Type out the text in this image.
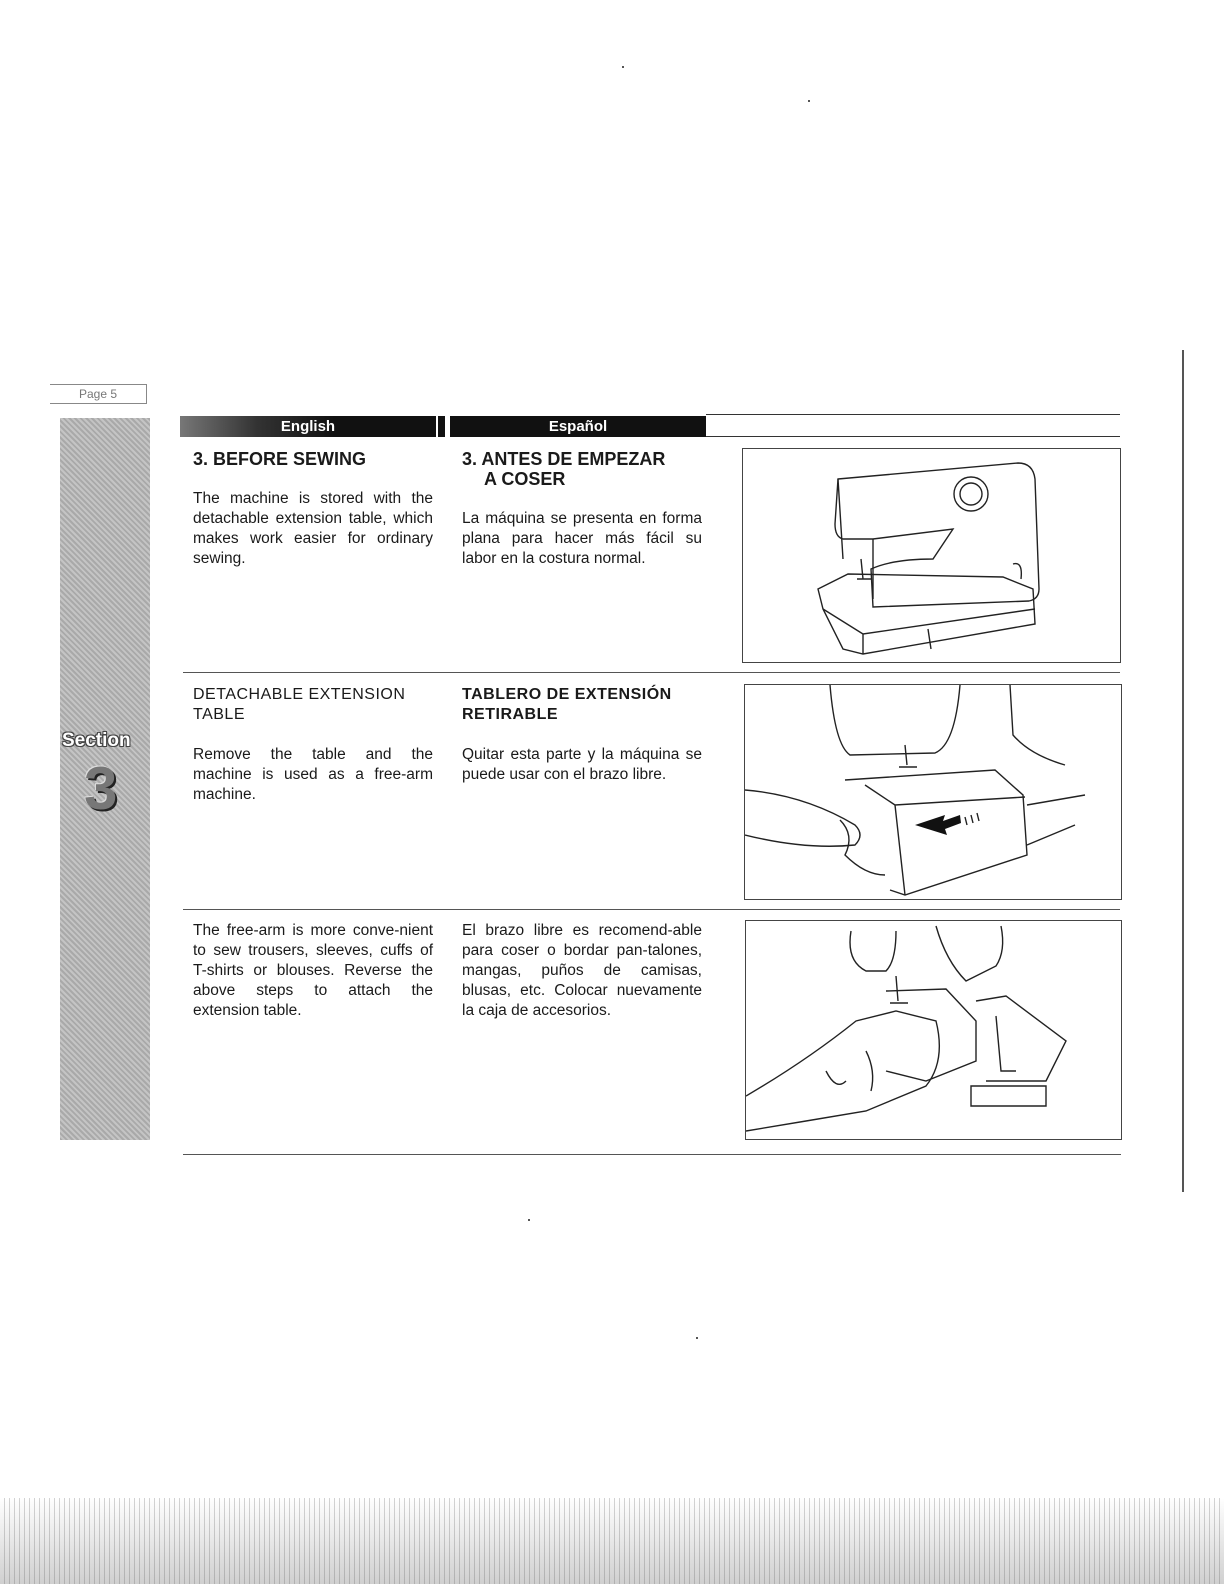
Page 5
Section
3
English	Español

3. BEFORE SEWING

The machine is stored with the detachable extension table, which makes work easier for ordinary sewing.

3. ANTES DE EMPEZAR
A COSER

La máquina se presenta en forma plana para hacer más fácil su labor en la costura normal.

DETACHABLE EXTENSION TABLE

Remove the table and the machine is used as a free-arm machine.

TABLERO DE EXTENSIÓN RETIRABLE

Quitar esta parte y la máquina se puede usar con el brazo libre.

The free-arm is more conve-nient to sew trousers, sleeves, cuffs of T-shirts or blouses. Reverse the above steps to attach the extension table.

El brazo libre es recomend-able para coser o bordar pan-talones, mangas, puños de camisas, blusas, etc. Colocar nuevamente la caja de accesorios.
